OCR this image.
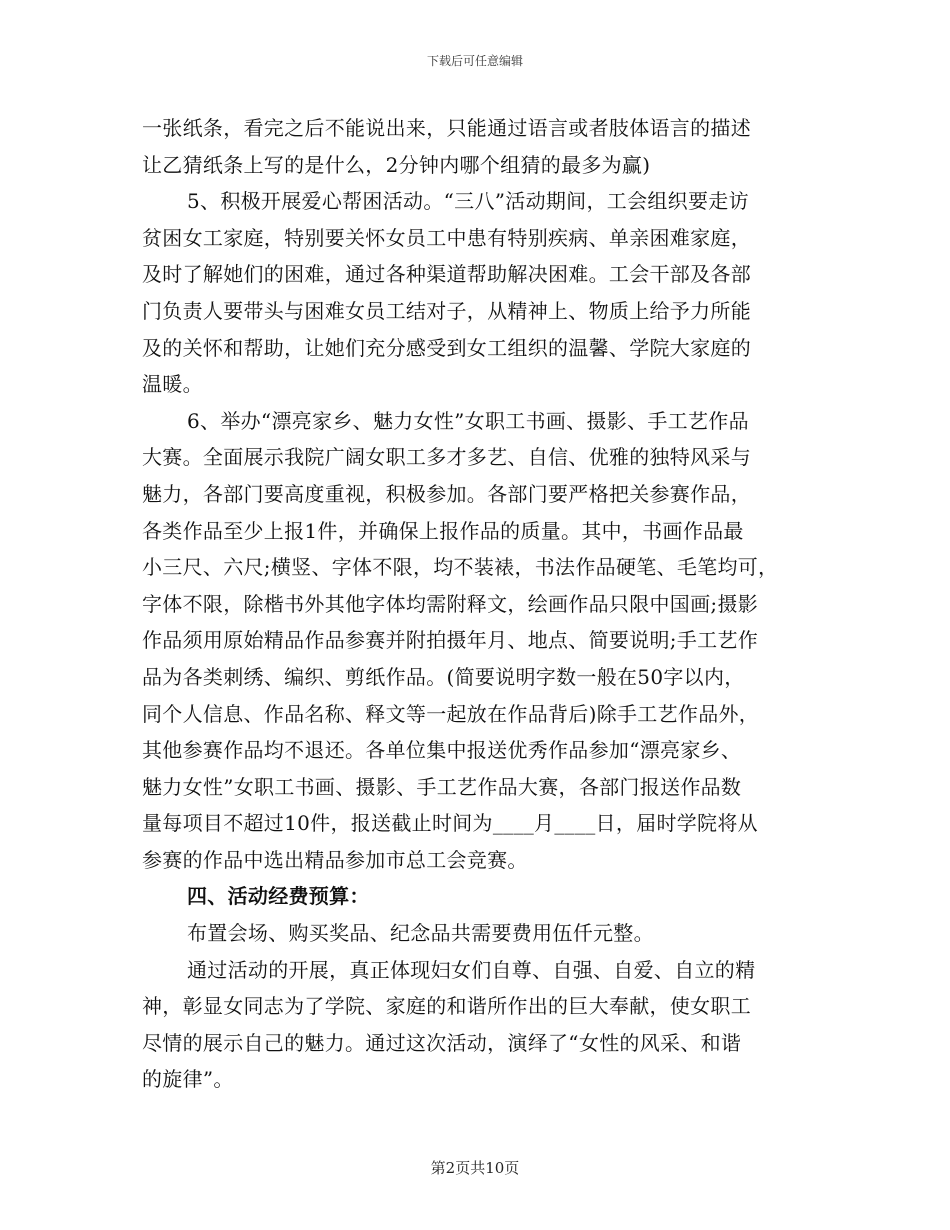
下载后可任意编辑
一张纸条，看完之后不能说出来，只能通过语言或者肢体语言的描述
让乙猜纸条上写的是什么，2分钟内哪个组猜的最多为赢)
5、积极开展爱心帮困活动。“三八”活动期间，工会组织要走访
贫困女工家庭，特别要关怀女员工中患有特别疾病、单亲困难家庭，
及时了解她们的困难，通过各种渠道帮助解决困难。工会干部及各部
门负责人要带头与困难女员工结对子，从精神上、物质上给予力所能
及的关怀和帮助，让她们充分感受到女工组织的温馨、学院大家庭的
温暖。
6、举办“漂亮家乡、魅力女性”女职工书画、摄影、手工艺作品
大赛。全面展示我院广阔女职工多才多艺、自信、优雅的独特风采与
魅力，各部门要高度重视，积极参加。各部门要严格把关参赛作品，
各类作品至少上报1件，并确保上报作品的质量。其中，书画作品最
小三尺、六尺;横竖、字体不限，均不装裱，书法作品硬笔、毛笔均可，
字体不限，除楷书外其他字体均需附释文，绘画作品只限中国画;摄影
作品须用原始精品作品参赛并附拍摄年月、地点、简要说明;手工艺作
品为各类刺绣、编织、剪纸作品。(简要说明字数一般在50字以内，
同个人信息、作品名称、释文等一起放在作品背后)除手工艺作品外，
其他参赛作品均不退还。各单位集中报送优秀作品参加“漂亮家乡、
魅力女性”女职工书画、摄影、手工艺作品大赛，各部门报送作品数
量每项目不超过10件，报送截止时间为____月____日，届时学院将从
参赛的作品中选出精品参加市总工会竞赛。
四、活动经费预算：
布置会场、购买奖品、纪念品共需要费用伍仟元整。
通过活动的开展，真正体现妇女们自尊、自强、自爱、自立的精
神，彰显女同志为了学院、家庭的和谐所作出的巨大奉献，使女职工
尽情的展示自己的魅力。通过这次活动，演绎了“女性的风采、和谐
的旋律”。
第2页共10页
